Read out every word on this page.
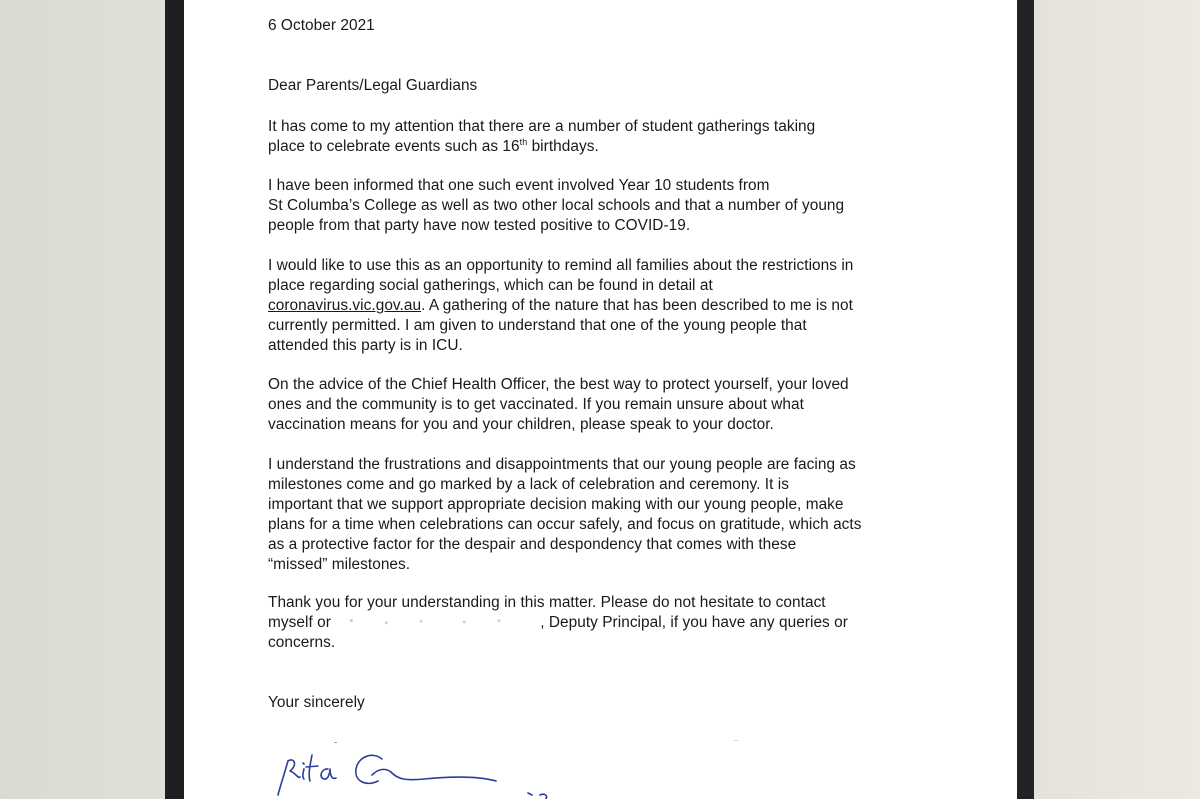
6 October 2021
Dear Parents/Legal Guardians
It has come to my attention that there are a number of student gatherings taking
place to celebrate events such as 16th birthdays.
I have been informed that one such event involved Year 10 students from
St Columba’s College as well as two other local schools and that a number of young
people from that party have now tested positive to COVID-19.
I would like to use this as an opportunity to remind all families about the restrictions in
place regarding social gatherings, which can be found in detail at
coronavirus.vic.gov.au. A gathering of the nature that has been described to me is not
currently permitted. I am given to understand that one of the young people that
attended this party is in ICU.
On the advice of the Chief Health Officer, the best way to protect yourself, your loved
ones and the community is to get vaccinated. If you remain unsure about what
vaccination means for you and your children, please speak to your doctor.
I understand the frustrations and disappointments that our young people are facing as
milestones come and go marked by a lack of celebration and ceremony. It is
important that we support appropriate decision making with our young people, make
plans for a time when celebrations can occur safely, and focus on gratitude, which acts
as a protective factor for the despair and despondency that comes with these
“missed” milestones.
Thank you for your understanding in this matter. Please do not hesitate to contact
myself or	, Deputy Principal, if you have any queries or
concerns.
Your sincerely
